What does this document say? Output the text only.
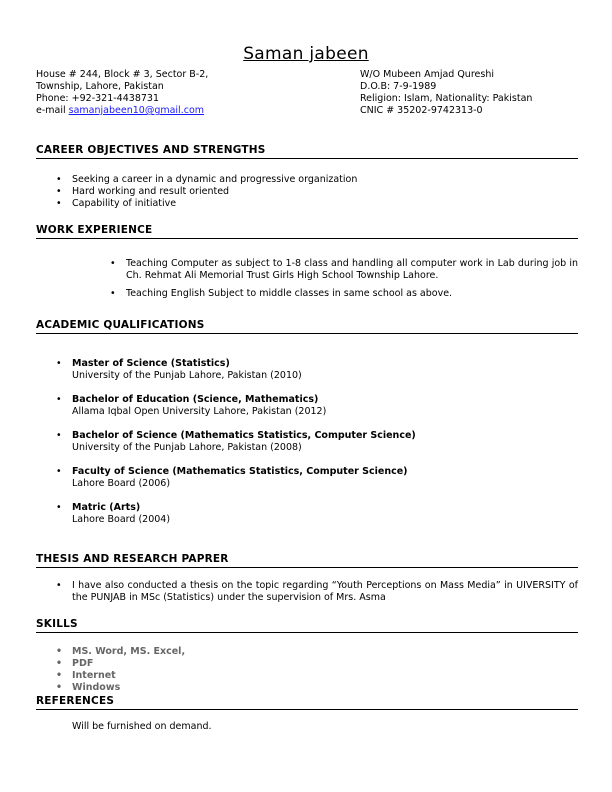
Saman jabeen
House # 244, Block # 3, Sector B-2,
Township, Lahore, Pakistan
Phone: +92-321-4438731
e-mail samanjabeen10@gmail.com
W/O Mubeen Amjad Qureshi
D.O.B: 7-9-1989
Religion: Islam, Nationality: Pakistan
CNIC # 35202-9742313-0
CAREER OBJECTIVES AND STRENGTHS
• Seeking a career in a dynamic and progressive organization
• Hard working and result oriented
• Capability of initiative
WORK EXPERIENCE
• Teaching Computer as subject to 1-8 class and handling all computer work in Lab during job in Ch. Rehmat Ali Memorial Trust Girls High School Township Lahore.
• Teaching English Subject to middle classes in same school as above.
ACADEMIC QUALIFICATIONS
• Master of Science (Statistics)
University of the Punjab Lahore, Pakistan (2010)
• Bachelor of Education (Science, Mathematics)
Allama Iqbal Open University Lahore, Pakistan (2012)
• Bachelor of Science (Mathematics Statistics, Computer Science)
University of the Punjab Lahore, Pakistan (2008)
• Faculty of Science (Mathematics Statistics, Computer Science)
Lahore Board (2006)
• Matric (Arts)
Lahore Board (2004)
THESIS AND RESEARCH PAPRER
• I have also conducted a thesis on the topic regarding “Youth Perceptions on Mass Media” in UIVERSITY of the PUNJAB in MSc (Statistics) under the supervision of Mrs. Asma
SKILLS
• MS. Word, MS. Excel,
• PDF
• Internet
• Windows
REFERENCES
Will be furnished on demand.
